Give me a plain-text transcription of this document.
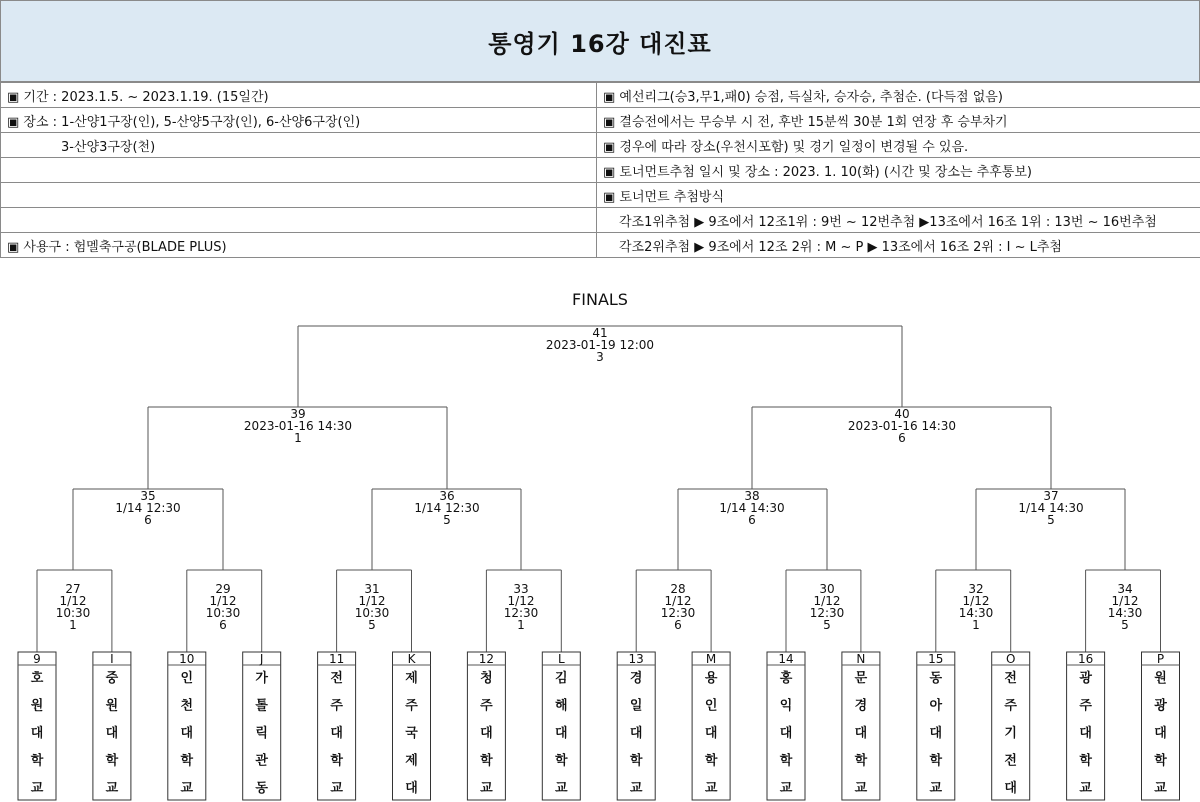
통영기 16강 대진표
▣ 기간 : 2023.1.5. ~ 2023.1.19. (15일간)	▣ 예선리그(승3,무1,패0) 승점, 득실차, 승자승, 추첨순. (다득점 없음)
▣ 장소 : 1-산양1구장(인), 5-산양5구장(인), 6-산양6구장(인)	▣ 결승전에서는 무승부 시 전, 후반 15분씩 30분 1회 연장 후 승부차기
3-산양3구장(천)	▣ 경우에 따라 장소(우천시포함) 및 경기 일정이 변경될 수 있음.
	▣ 토너먼트추첨 일시 및 장소 : 2023. 1. 10(화) (시간 및 장소는 추후통보)
	▣ 토너먼트 추첨방식
	각조1위추첨 ▶ 9조에서 12조1위 : 9번 ~ 12번추첨 ▶13조에서 16조 1위 : 13번 ~ 16번추첨
▣ 사용구 : 험멜축구공(BLADE PLUS)	각조2위추첨 ▶ 9조에서 12조 2위 : M ~ P ▶ 13조에서 16조 2위 : I ~ L추첨
FINALS
41
2023-01-19 12:00
3
39
2023-01-16 14:30
1
40
2023-01-16 14:30
6
35
1/14 12:30
6
36
1/14 12:30
5
38
1/14 14:30
6
37
1/14 14:30
5
27
1/12
10:30
1
29
1/12
10:30
6
31
1/12
10:30
5
33
1/12
12:30
1
28
1/12
12:30
6
30
1/12
12:30
5
32
1/12
14:30
1
34
1/12
14:30
5
9
호
원
대
학
교
I
중
원
대
학
교
10
인
천
대
학
교
J
가
톨
릭
관
동
11
전
주
대
학
교
K
제
주
국
제
대
12
청
주
대
학
교
L
김
해
대
학
교
13
경
일
대
학
교
M
용
인
대
학
교
14
홍
익
대
학
교
N
문
경
대
학
교
15
동
아
대
학
교
O
전
주
기
전
대
16
광
주
대
학
교
P
원
광
대
학
교
